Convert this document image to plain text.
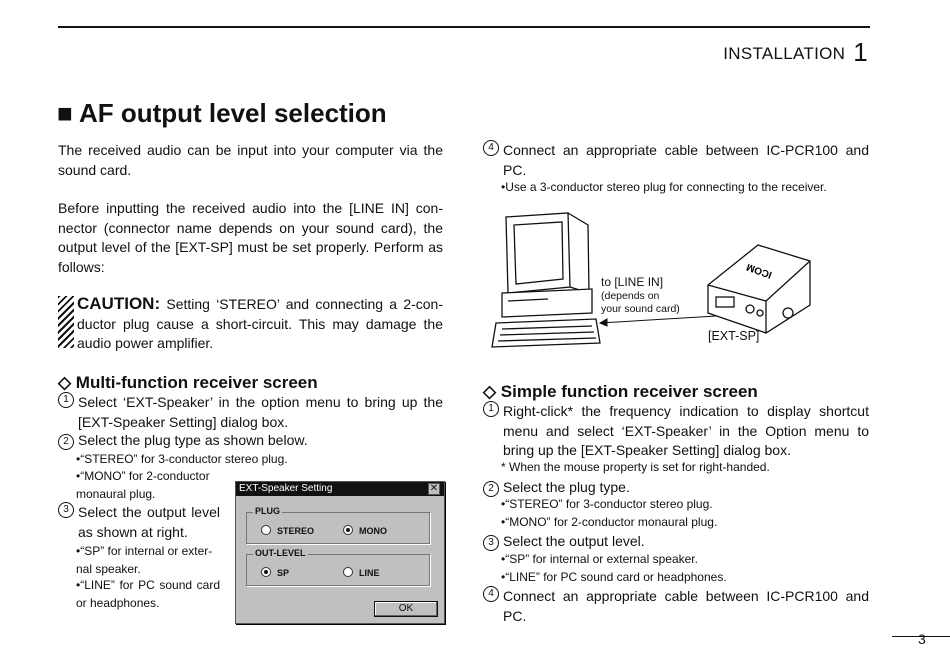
INSTALLATION 1
■ AF output level selection
The received audio can be input into your computer via the sound card.
Before inputting the received audio into the [LINE IN] con-nector (connector name depends on your sound card), the output level of the [EXT-SP] must be set properly. Perform as follows:
CAUTION: Setting ‘STEREO’ and connecting a 2-con-ductor plug cause a short-circuit. This may damage the audio power amplifier.
◇ Multi-function receiver screen
1 Select ‘EXT-Speaker’ in the option menu to bring up the [EXT-Speaker Setting] dialog box.
2 Select the plug type as shown below.
•“STEREO” for 3-conductor stereo plug.
•“MONO” for 2-conductor monaural plug.
3 Select the output level as shown at right.
•“SP” for internal or exter-nal speaker.
•“LINE” for PC sound card or headphones.
EXT-Speaker Setting	✕
PLUG
STEREO	MONO
OUT-LEVEL
SP	LINE
OK
4 Connect an appropriate cable between IC-PCR100 and PC.
•Use a 3-conductor stereo plug for connecting to the receiver.
ICOM
to [LINE IN]
(depends on
your sound card)
[EXT-SP]
◇ Simple function receiver screen
1 Right-click* the frequency indication to display shortcut menu and select ‘EXT-Speaker’ in the Option menu to bring up the [EXT-Speaker Setting] dialog box.
* When the mouse property is set for right-handed.
2 Select the plug type.
•“STEREO” for 3-conductor stereo plug.
•“MONO” for 2-conductor monaural plug.
3 Select the output level.
•“SP” for internal or external speaker.
•“LINE” for PC sound card or headphones.
4 Connect an appropriate cable between IC-PCR100 and PC.
3
